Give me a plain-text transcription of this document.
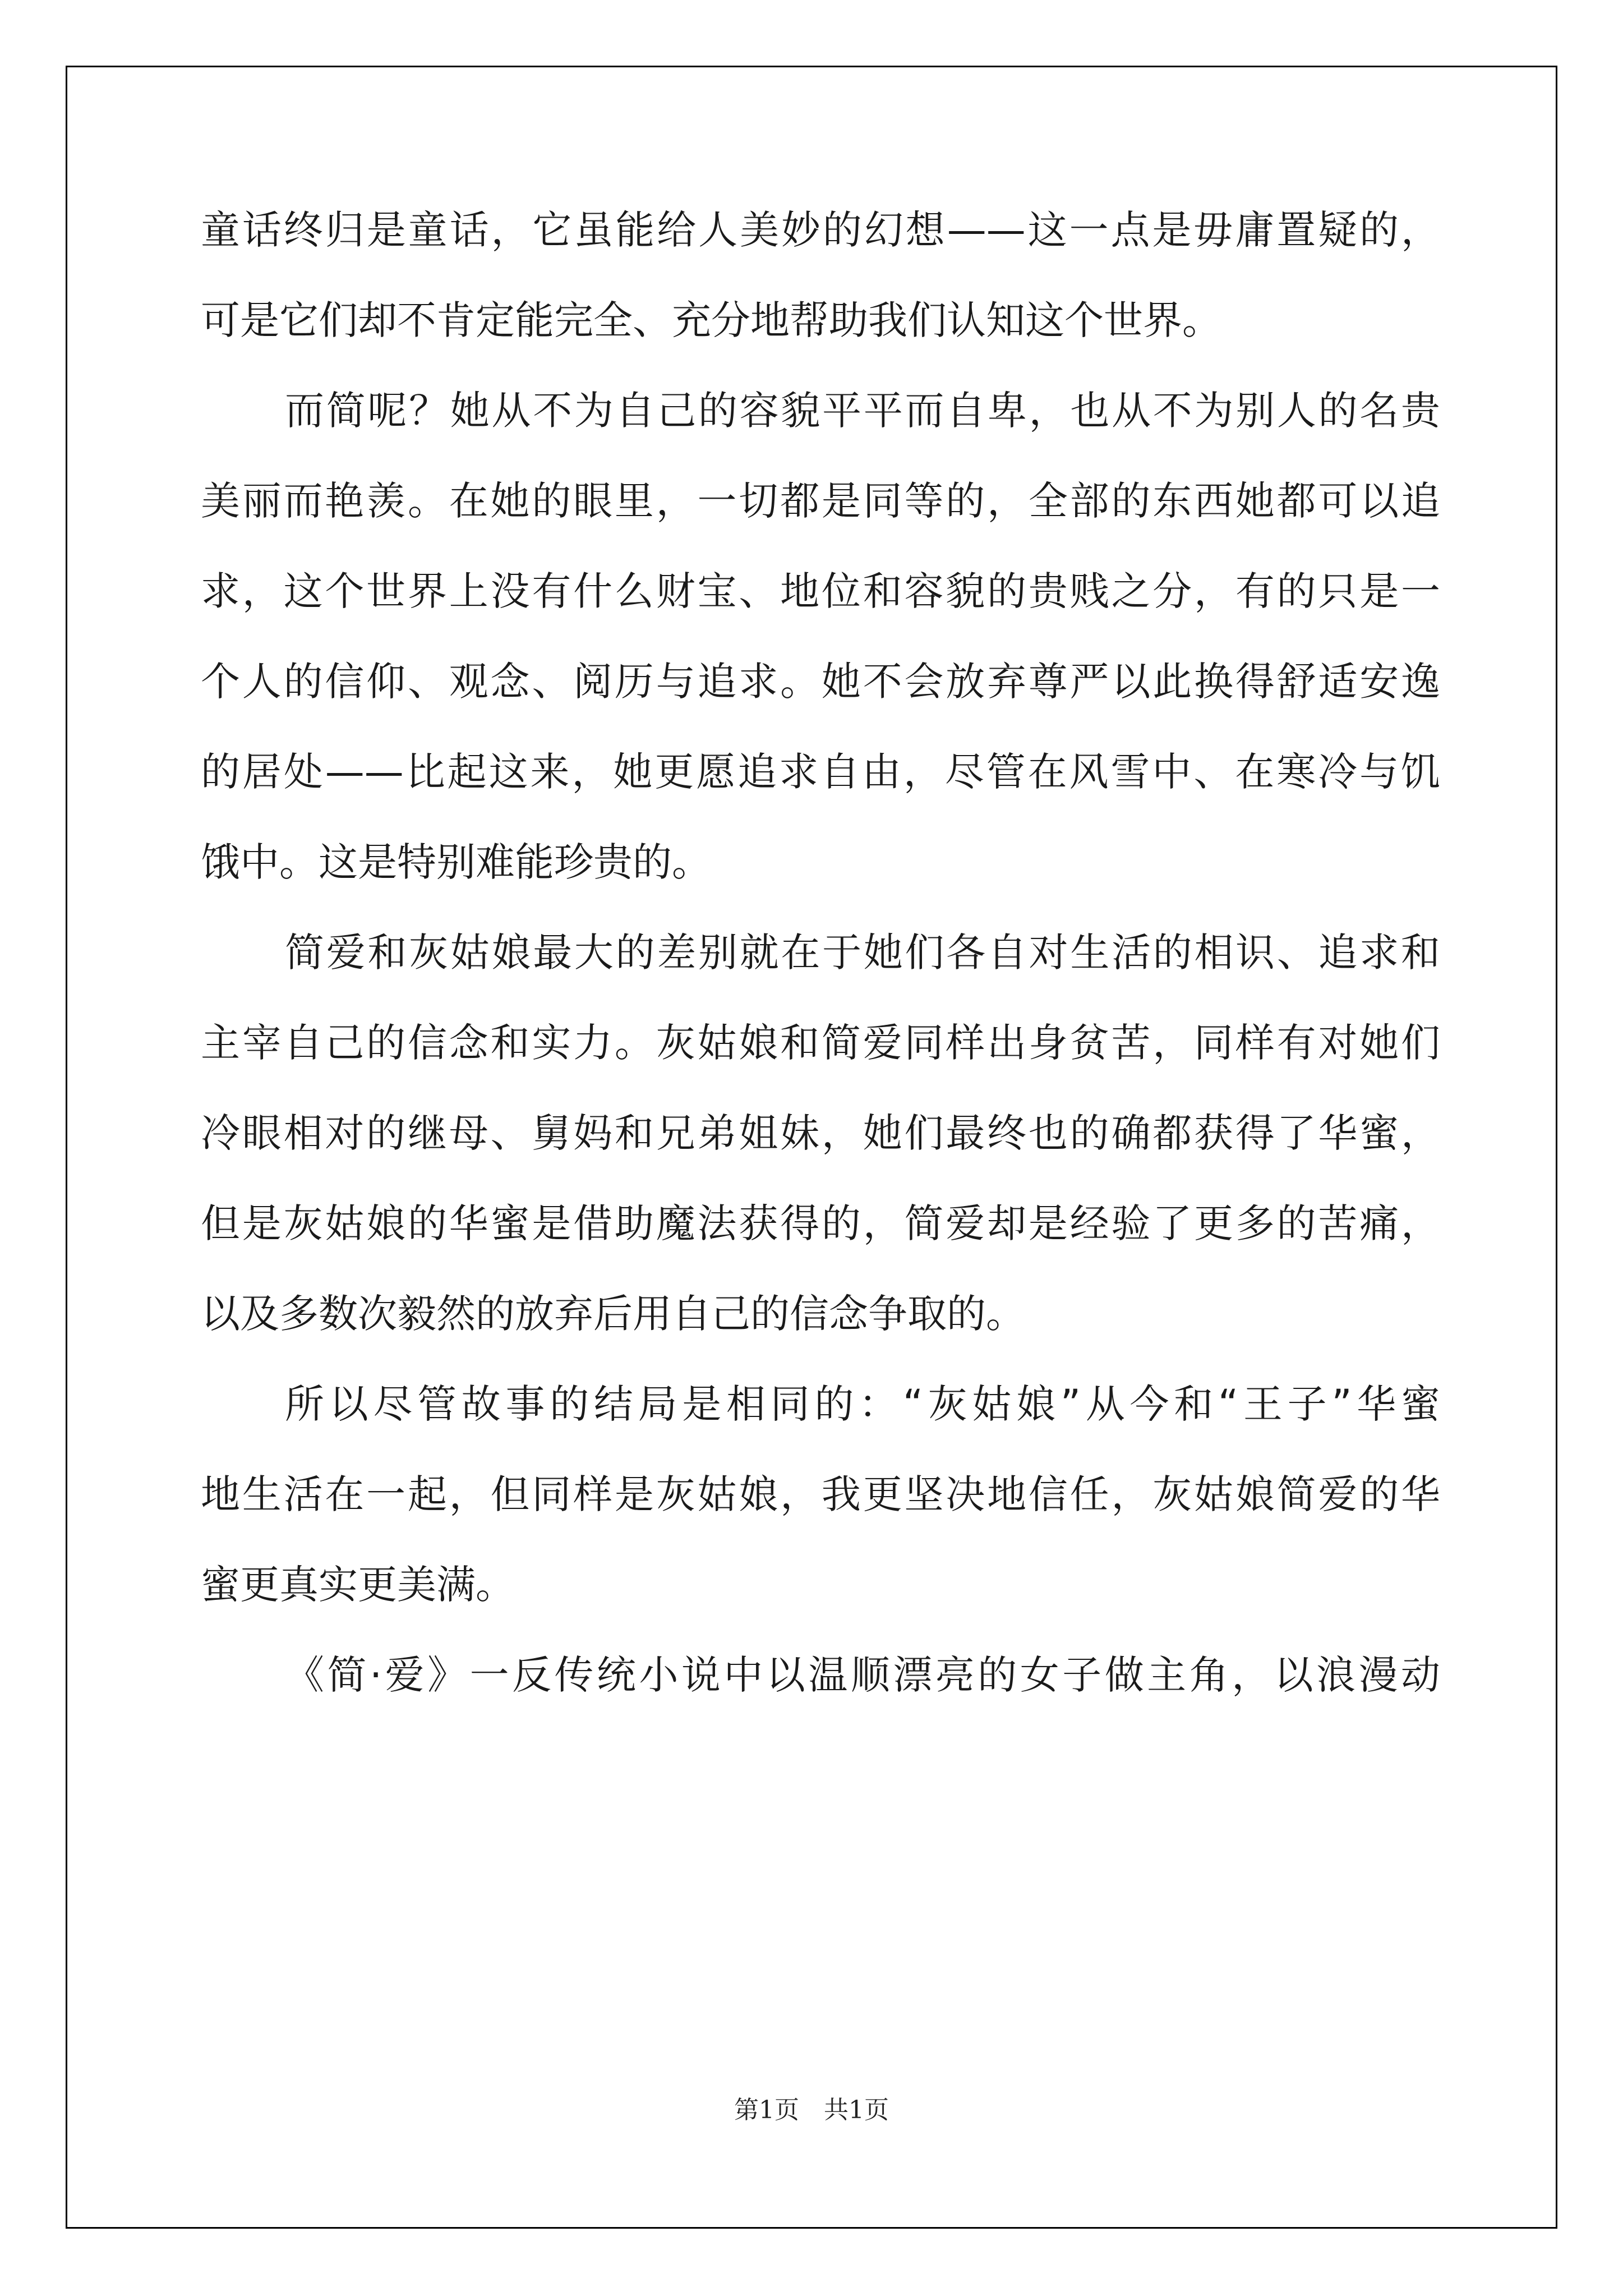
童话终归是童话，它虽能给人美妙的幻想——这一点是毋庸置疑的，
可是它们却不肯定能完全、充分地帮助我们认知这个世界。
而简呢？她从不为自己的容貌平平而自卑，也从不为别人的名贵
美丽而艳羡。在她的眼里，一切都是同等的，全部的东西她都可以追
求，这个世界上没有什么财宝、地位和容貌的贵贱之分，有的只是一
个人的信仰、观念、阅历与追求。她不会放弃尊严以此换得舒适安逸
的居处——比起这来，她更愿追求自由，尽管在风雪中、在寒冷与饥
饿中。这是特别难能珍贵的。
简爱和灰姑娘最大的差别就在于她们各自对生活的相识、追求和
主宰自己的信念和实力。灰姑娘和简爱同样出身贫苦，同样有对她们
冷眼相对的继母、舅妈和兄弟姐妹，她们最终也的确都获得了华蜜，
但是灰姑娘的华蜜是借助魔法获得的，简爱却是经验了更多的苦痛，
以及多数次毅然的放弃后用自己的信念争取的。
所以尽管故事的结局是相同的：“灰姑娘”从今和“王子”华蜜
地生活在一起，但同样是灰姑娘，我更坚决地信任，灰姑娘简爱的华
蜜更真实更美满。
《简·爱》一反传统小说中以温顺漂亮的女子做主角，以浪漫动
第1页　共1页
